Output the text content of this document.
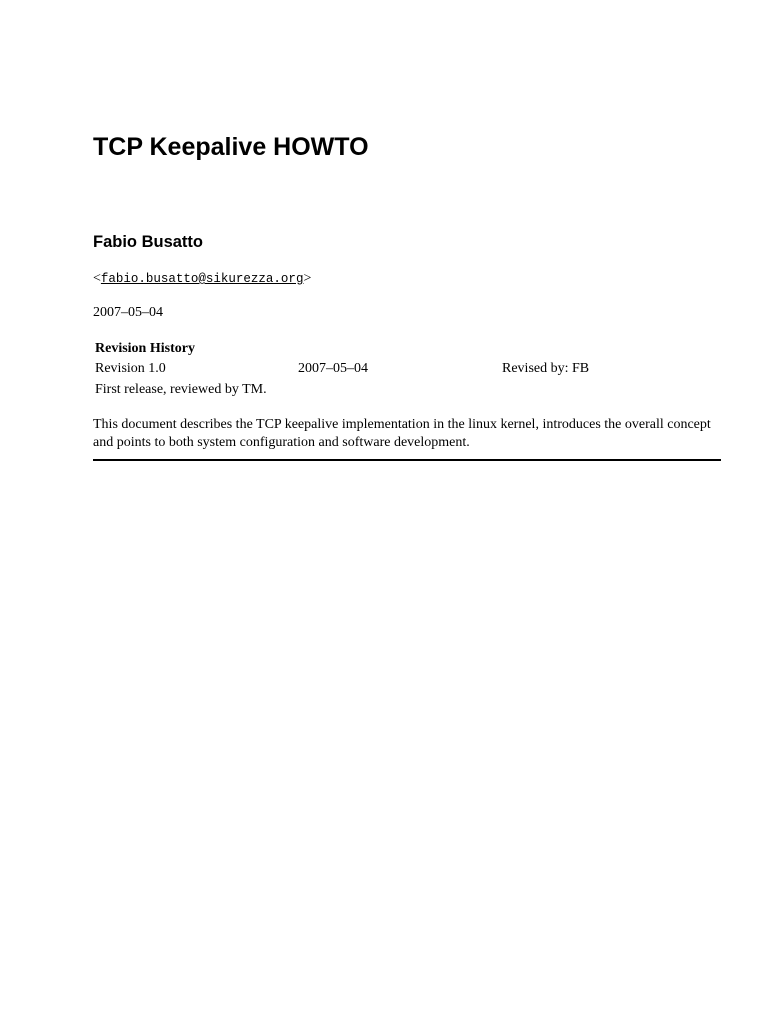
TCP Keepalive HOWTO
Fabio Busatto
<fabio.busatto@sikurezza.org>
2007–05–04
Revision History
Revision 1.0	2007–05–04	Revised by: FB
First release, reviewed by TM.

This document describes the TCP keepalive implementation in the linux kernel, introduces the overall concept and points to both system configuration and software development.
